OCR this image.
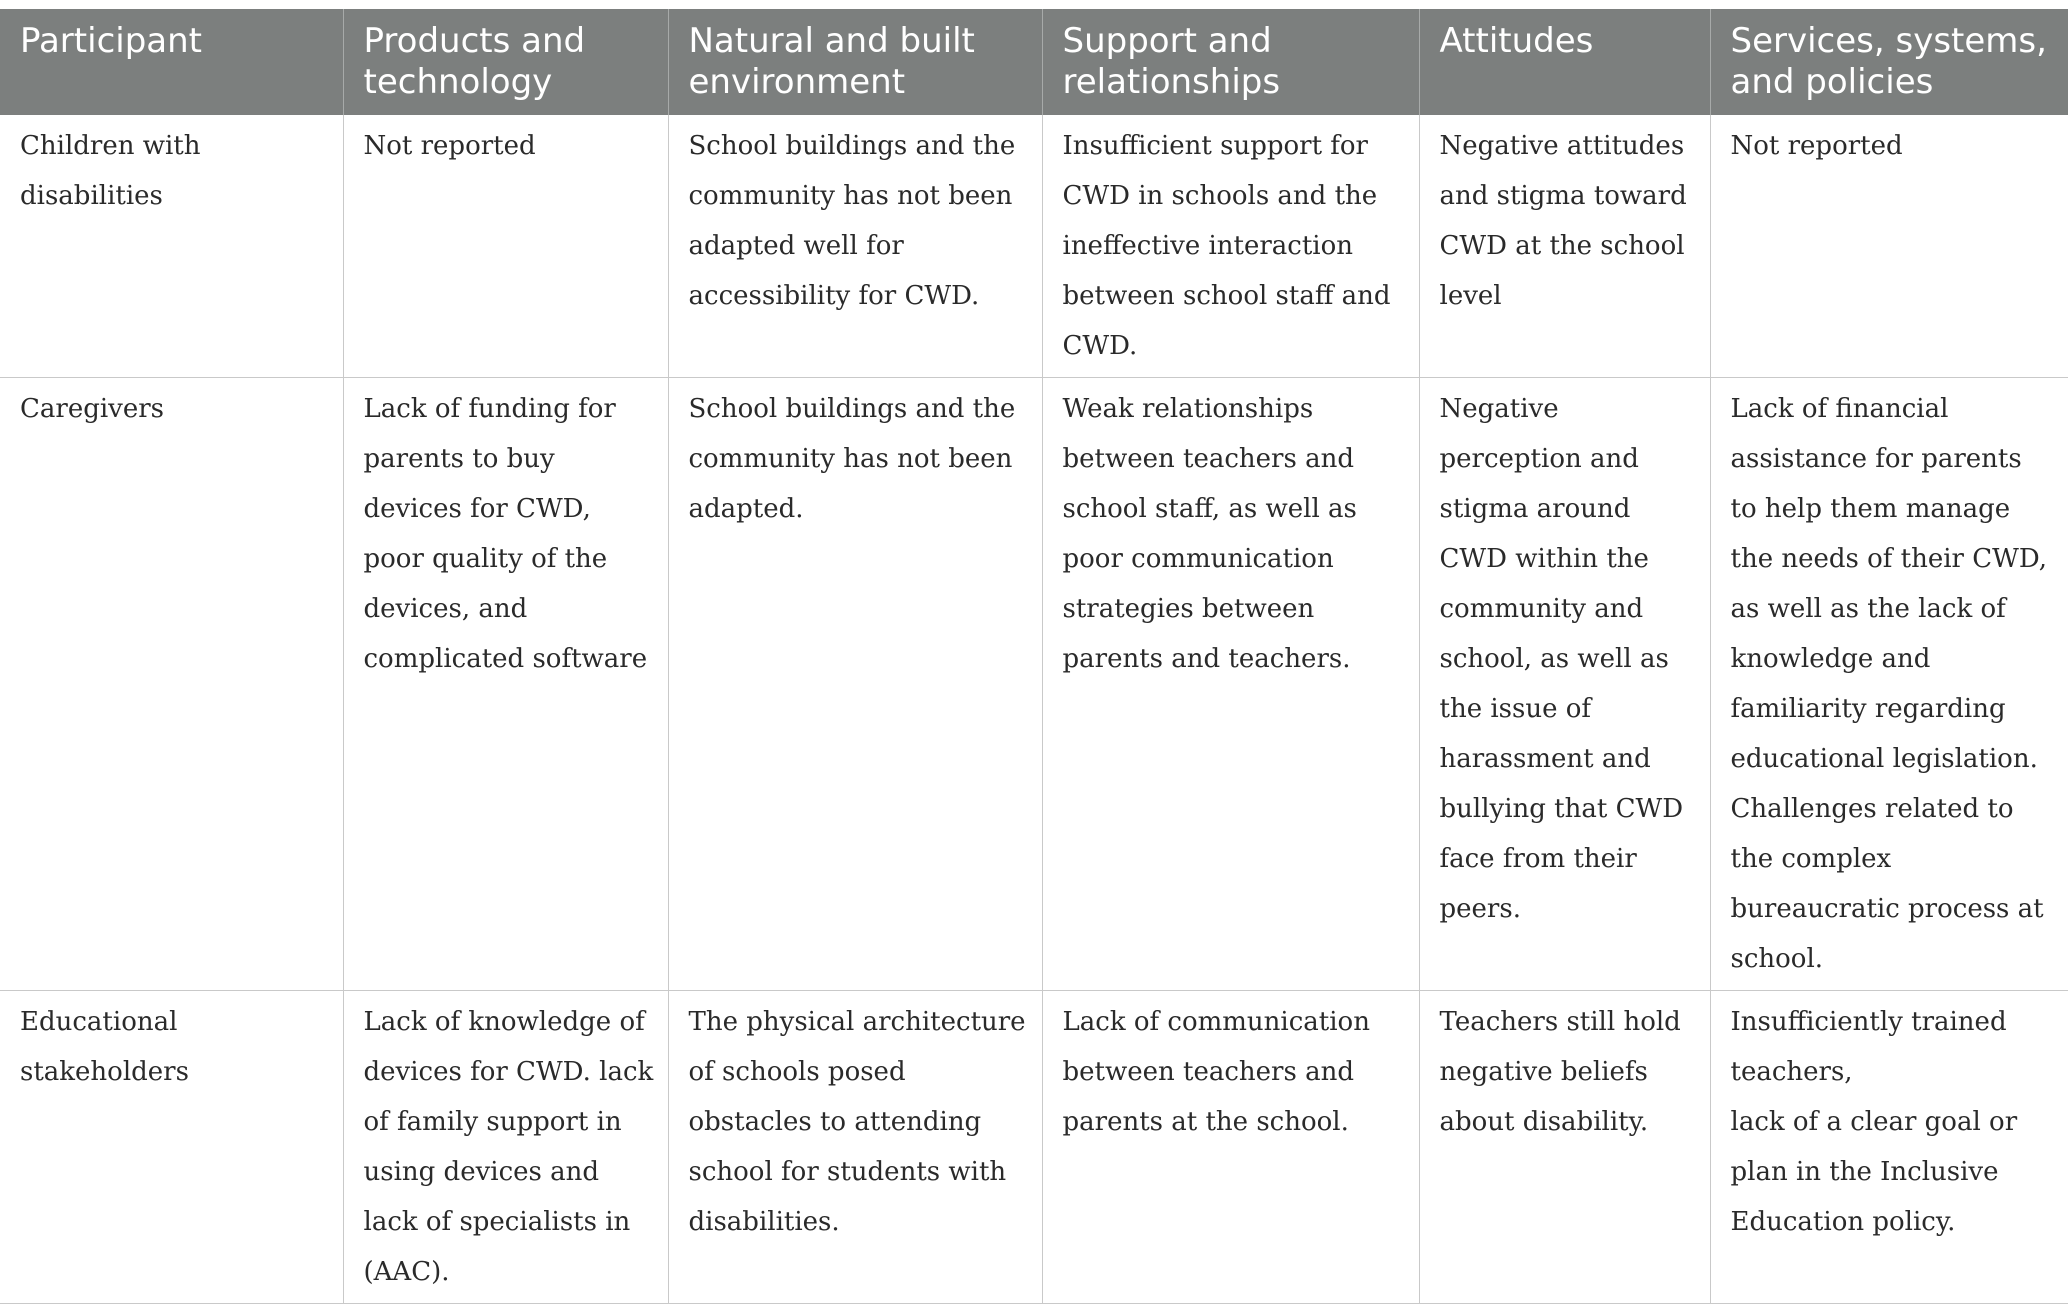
Participant	Products and technology	Natural and built environment	Support and relationships	Attitudes	Services, systems, and policies
Children with disabilities	Not reported	School buildings and the community has not been adapted well for accessibility for CWD.	Insufficient support for CWD in schools and the ineffective interaction between school staff and CWD.	Negative attitudes and stigma toward CWD at the school level	Not reported
Caregivers	Lack of funding for parents to buy devices for CWD, poor quality of the devices, and complicated software	School buildings and the community has not been adapted.	Weak relationships between teachers and school staff, as well as poor communication strategies between parents and teachers.	Negative perception and stigma around CWD within the community and school, as well as the issue of harassment and bullying that CWD face from their peers.	Lack of financial assistance for parents to help them manage the needs of their CWD, as well as the lack of knowledge and familiarity regarding educational legislation. Challenges related to the complex bureaucratic process at school.
Educational stakeholders	Lack of knowledge of devices for CWD. lack of family support in using devices and lack of specialists in (AAC).	The physical architecture of schools posed obstacles to attending school for students with disabilities.	Lack of communication between teachers and parents at the school.	Teachers still hold negative beliefs about disability.	Insufficiently trained teachers,
lack of a clear goal or plan in the Inclusive Education policy.
